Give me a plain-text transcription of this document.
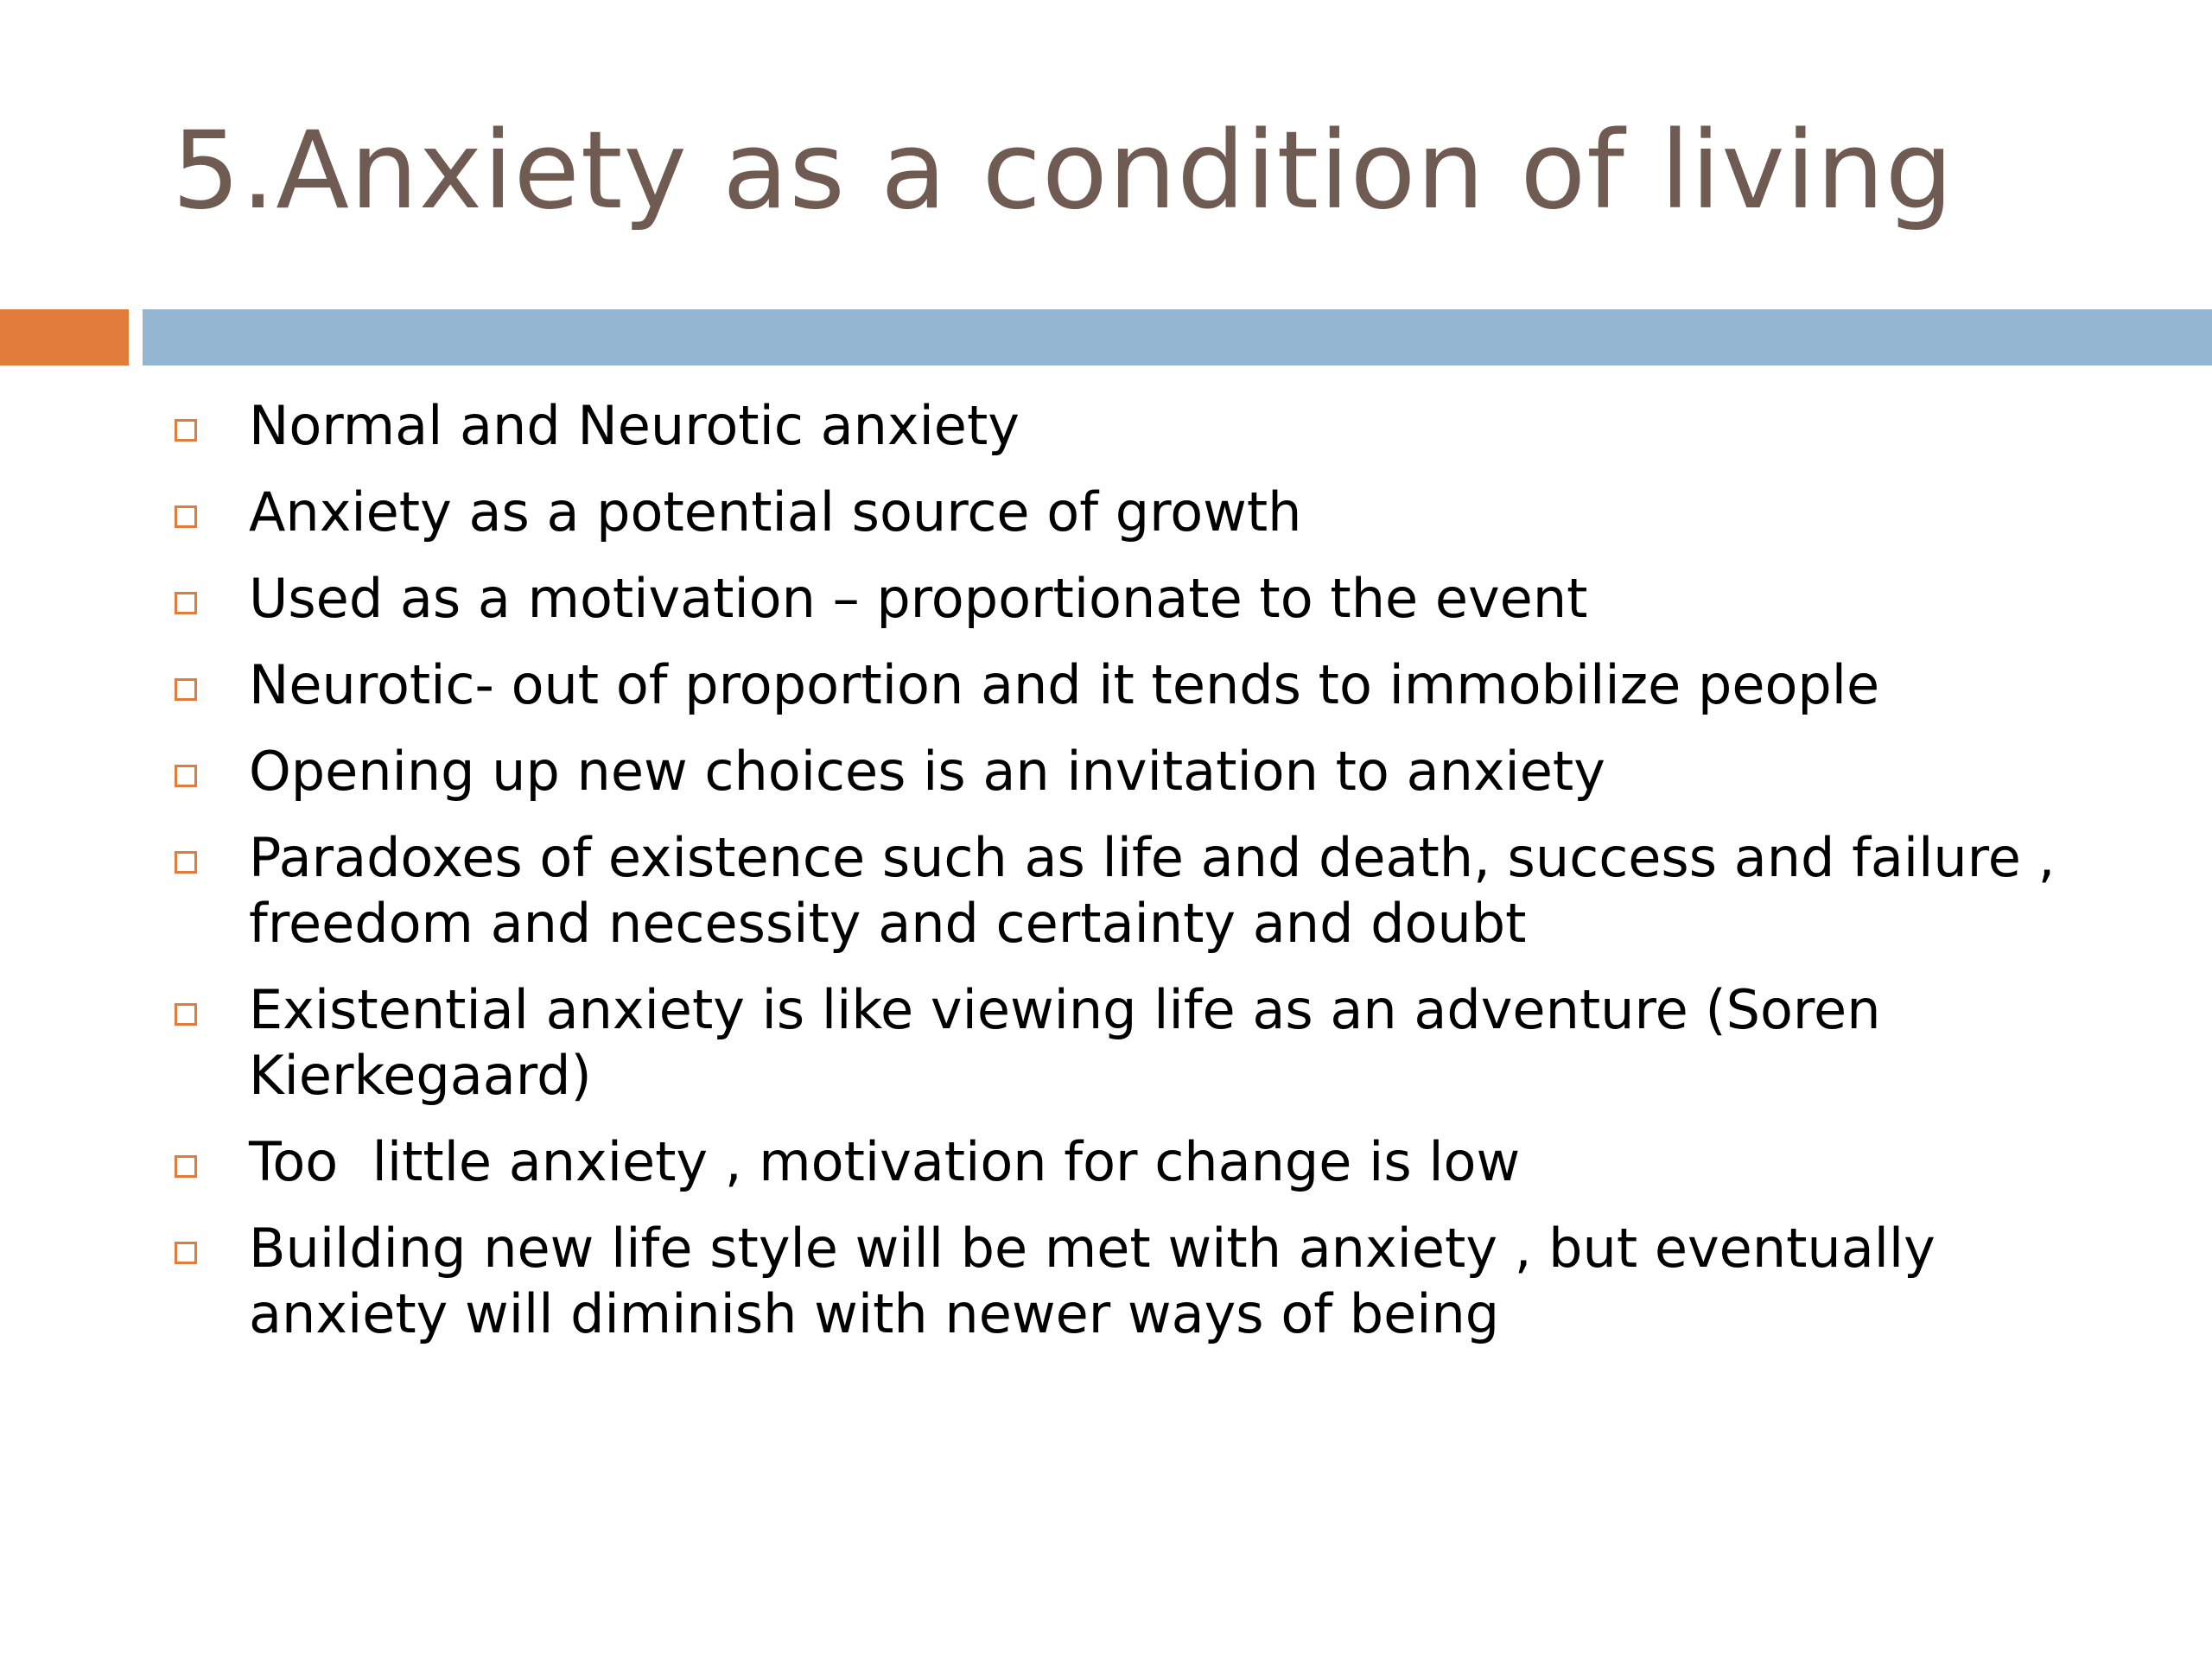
5.Anxiety as a condition of living
Normal and Neurotic anxiety
Anxiety as a potential source of growth
Used as a motivation – proportionate to the event
Neurotic- out of proportion and it tends to immobilize people
Opening up new choices is an invitation to anxiety
Paradoxes of existence such as life and death, success and failure , freedom and necessity and certainty and doubt
Existential anxiety is like viewing life as an adventure (Soren Kierkegaard)
Too  little anxiety , motivation for change is low
Building new life style will be met with anxiety , but eventually anxiety will diminish with newer ways of being
